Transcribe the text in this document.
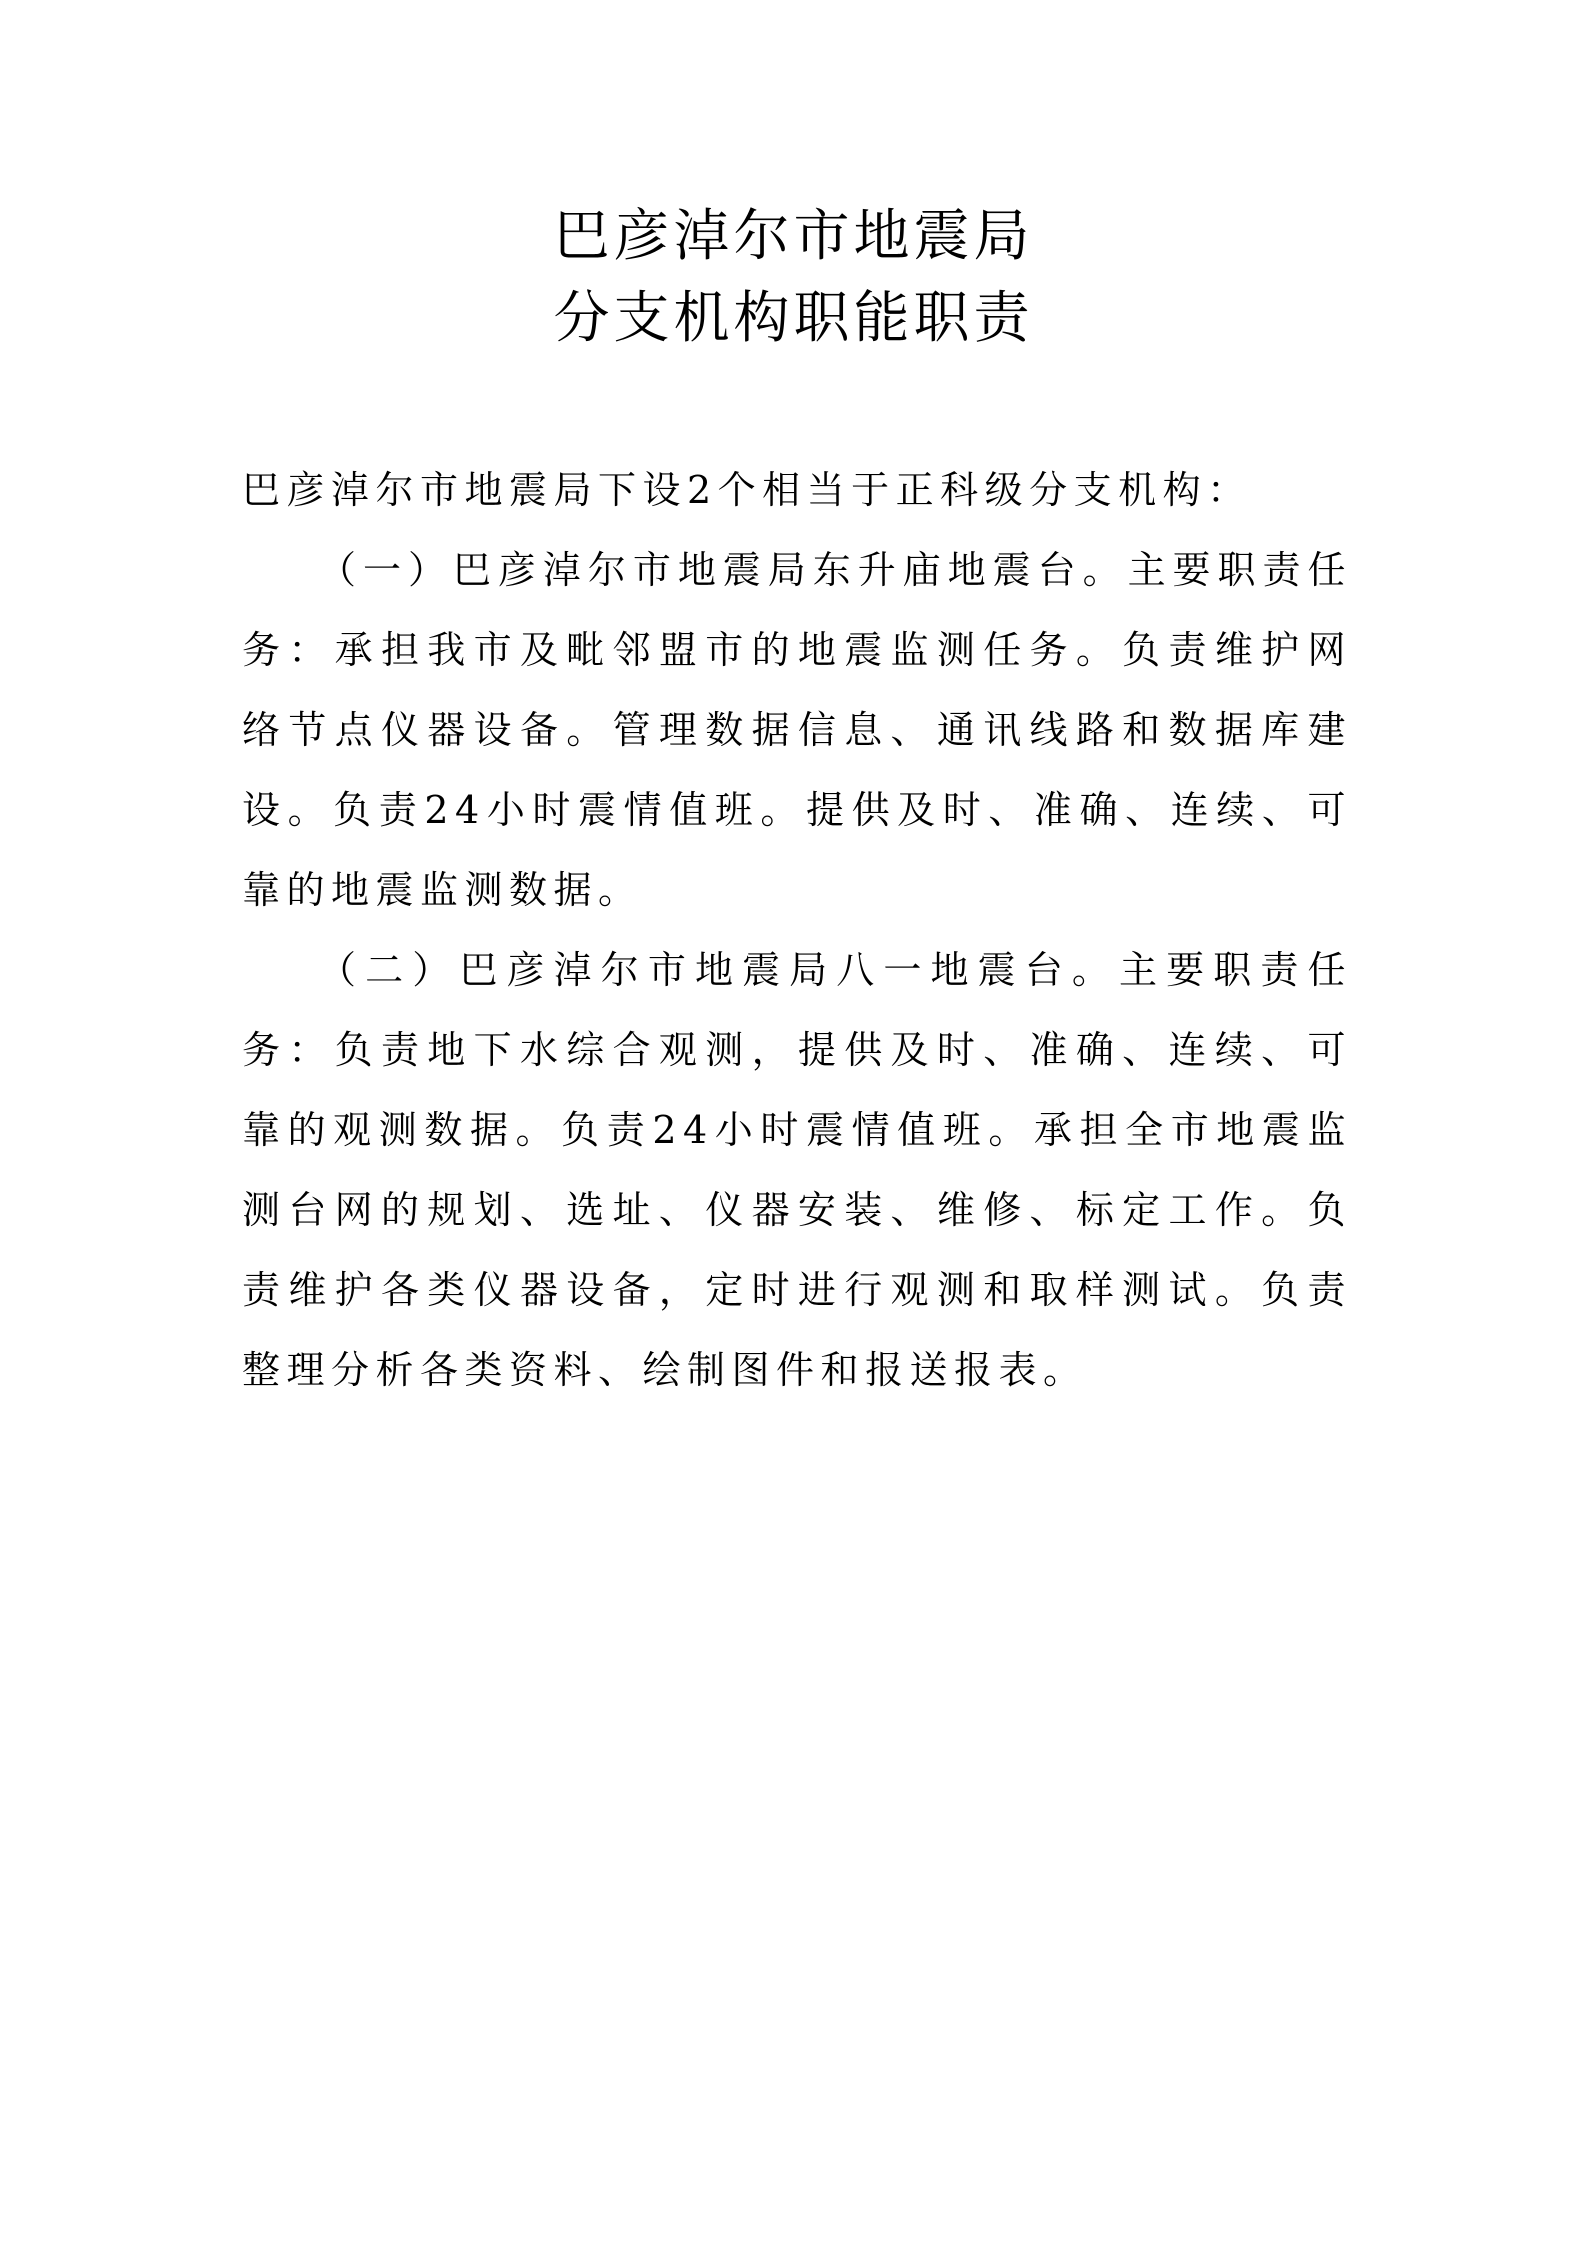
巴彦淖尔市地震局

分支机构职能职责

巴彦淖尔市地震局下设2个相当于正科级分支机构：

（一）巴彦淖尔市地震局东升庙地震台。主要职责任务：承担我市及毗邻盟市的地震监测任务。负责维护网络节点仪器设备。管理数据信息、通讯线路和数据库建设。负责24小时震情值班。提供及时、准确、连续、可靠的地震监测数据。

（二）巴彦淖尔市地震局八一地震台。主要职责任务：负责地下水综合观测，提供及时、准确、连续、可靠的观测数据。负责24小时震情值班。承担全市地震监测台网的规划、选址、仪器安装、维修、标定工作。负责维护各类仪器设备，定时进行观测和取样测试。负责整理分析各类资料、绘制图件和报送报表。
